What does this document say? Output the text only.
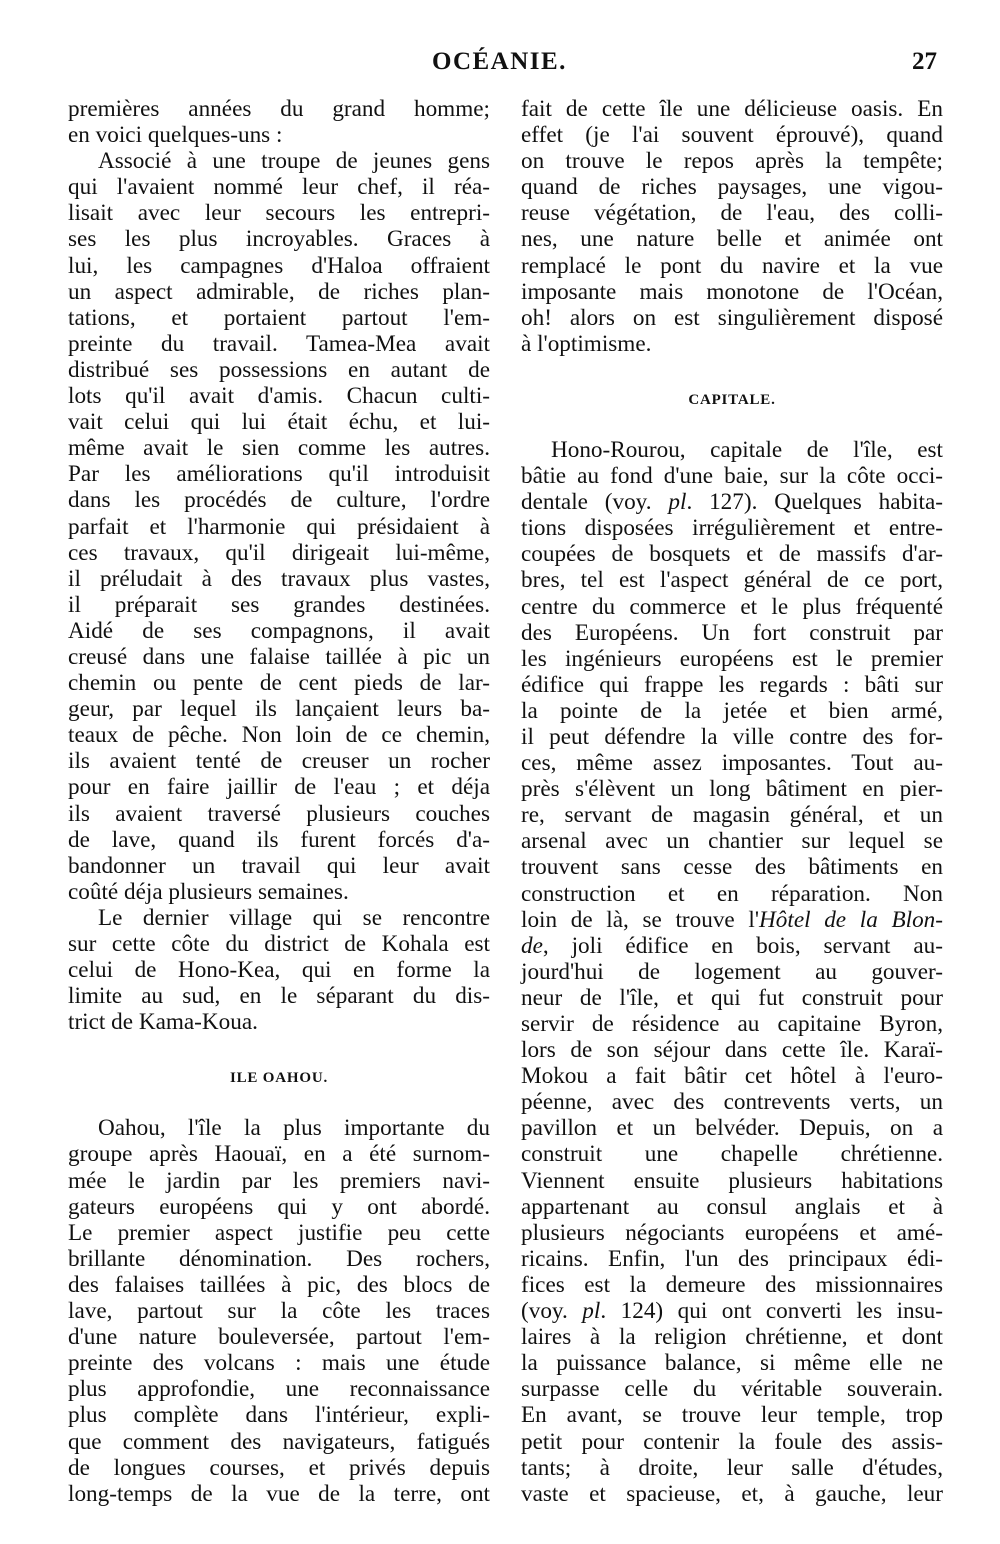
OCÉANIE.	27
premières années du grand homme;
en voici quelques-uns :
Associé à une troupe de jeunes gens
qui l'avaient nommé leur chef, il réa-
lisait avec leur secours les entrepri-
ses les plus incroyables. Graces à
lui, les campagnes d'Haloa offraient
un aspect admirable, de riches plan-
tations, et portaient partout l'em-
preinte du travail. Tamea-Mea avait
distribué ses possessions en autant de
lots qu'il avait d'amis. Chacun culti-
vait celui qui lui était échu, et lui-
même avait le sien comme les autres.
Par les améliorations qu'il introduisit
dans les procédés de culture, l'ordre
parfait et l'harmonie qui présidaient à
ces travaux, qu'il dirigeait lui-même,
il préludait à des travaux plus vastes,
il préparait ses grandes destinées.
Aidé de ses compagnons, il avait
creusé dans une falaise taillée à pic un
chemin ou pente de cent pieds de lar-
geur, par lequel ils lançaient leurs ba-
teaux de pêche. Non loin de ce chemin,
ils avaient tenté de creuser un rocher
pour en faire jaillir de l'eau ; et déja
ils avaient traversé plusieurs couches
de lave, quand ils furent forcés d'a-
bandonner un travail qui leur avait
coûté déja plusieurs semaines.
Le dernier village qui se rencontre
sur cette côte du district de Kohala est
celui de Hono-Kea, qui en forme la
limite au sud, en le séparant du dis-
trict de Kama-Koua.
ILE OAHOU.
Oahou, l'île la plus importante du
groupe après Haouaï, en a été surnom-
mée le jardin par les premiers navi-
gateurs européens qui y ont abordé.
Le premier aspect justifie peu cette
brillante dénomination. Des rochers,
des falaises taillées à pic, des blocs de
lave, partout sur la côte les traces
d'une nature bouleversée, partout l'em-
preinte des volcans : mais une étude
plus approfondie, une reconnaissance
plus complète dans l'intérieur, expli-
que comment des navigateurs, fatigués
de longues courses, et privés depuis
long-temps de la vue de la terre, ont
fait de cette île une délicieuse oasis. En
effet (je l'ai souvent éprouvé), quand
on trouve le repos après la tempête;
quand de riches paysages, une vigou-
reuse végétation, de l'eau, des colli-
nes, une nature belle et animée ont
remplacé le pont du navire et la vue
imposante mais monotone de l'Océan,
oh! alors on est singulièrement disposé
à l'optimisme.
CAPITALE.
Hono-Rourou, capitale de l'île, est
bâtie au fond d'une baie, sur la côte occi-
dentale (voy. pl. 127). Quelques habita-
tions disposées irrégulièrement et entre-
coupées de bosquets et de massifs d'ar-
bres, tel est l'aspect général de ce port,
centre du commerce et le plus fréquenté
des Européens. Un fort construit par
les ingénieurs européens est le premier
édifice qui frappe les regards : bâti sur
la pointe de la jetée et bien armé,
il peut défendre la ville contre des for-
ces, même assez imposantes. Tout au-
près s'élèvent un long bâtiment en pier-
re, servant de magasin général, et un
arsenal avec un chantier sur lequel se
trouvent sans cesse des bâtiments en
construction et en réparation. Non
loin de là, se trouve l'Hôtel de la Blon-
de, joli édifice en bois, servant au-
jourd'hui de logement au gouver-
neur de l'île, et qui fut construit pour
servir de résidence au capitaine Byron,
lors de son séjour dans cette île. Karaï-
Mokou a fait bâtir cet hôtel à l'euro-
péenne, avec des contrevents verts, un
pavillon et un belvéder. Depuis, on a
construit une chapelle chrétienne.
Viennent ensuite plusieurs habitations
appartenant au consul anglais et à
plusieurs négociants européens et amé-
ricains. Enfin, l'un des principaux édi-
fices est la demeure des missionnaires
(voy. pl. 124) qui ont converti les insu-
laires à la religion chrétienne, et dont
la puissance balance, si même elle ne
surpasse celle du véritable souverain.
En avant, se trouve leur temple, trop
petit pour contenir la foule des assis-
tants; à droite, leur salle d'études,
vaste et spacieuse, et, à gauche, leur
